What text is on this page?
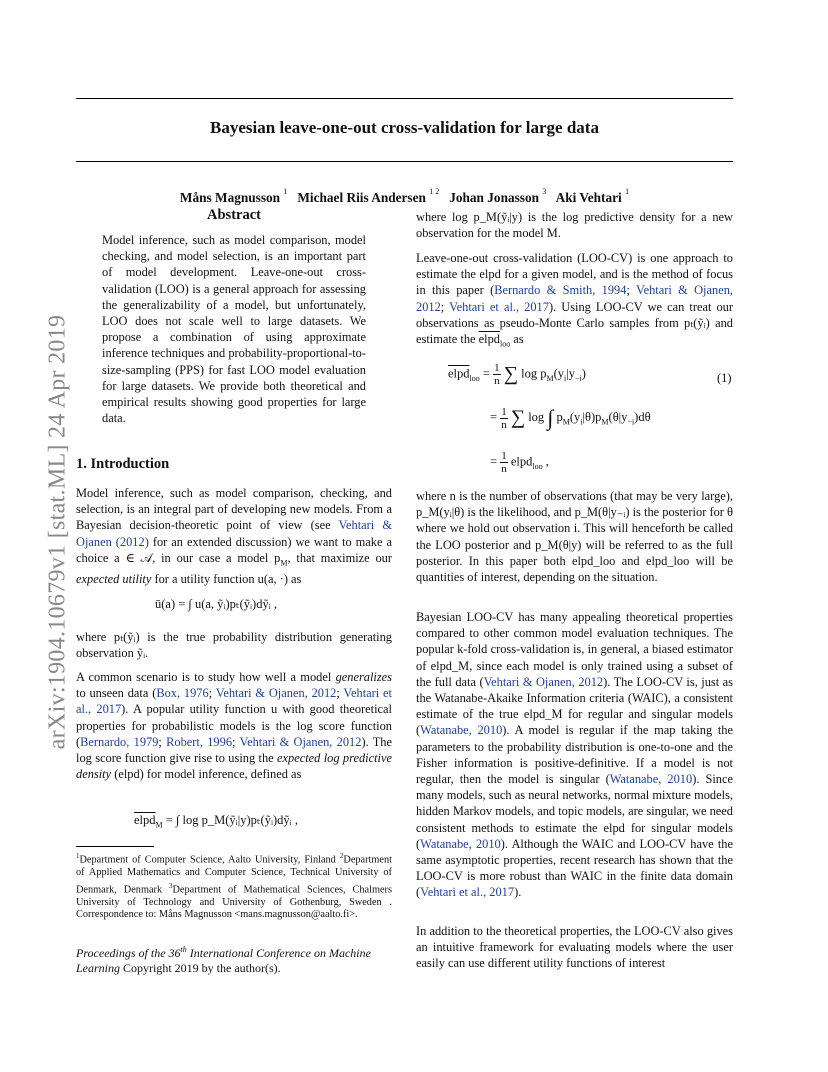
arXiv:1904.10679v1 [stat.ML] 24 Apr 2019
Bayesian leave-one-out cross-validation for large data
Måns Magnusson $^1$ Michael Riis Andersen $^{1 2}$ Johan Jonasson $^3$ Aki Vehtari $^1$
Abstract
Model inference, such as model comparison, model checking, and model selection, is an important part of model development. Leave-one-out cross-validation (LOO) is a general approach for assessing the generalizability of a model, but unfortunately, LOO does not scale well to large datasets. We propose a combination of using approximate inference techniques and probability-proportional-to-size-sampling (PPS) for fast LOO model evaluation for large datasets. We provide both theoretical and empirical results showing good properties for large data.
1. Introduction

Model inference, such as model comparison, checking, and selection, is an integral part of developing new models. From a Bayesian decision-theoretic point of view (see Vehtari & Ojanen (2012) for an extended discussion) we want to make a choice a ∈ 𝒜, in our case a model $p_M$, that maximize our expected utility for a utility function u(a, ·) as

ū(a) = ∫ u(a, ỹᵢ)pₜ(ỹᵢ)dỹᵢ ,
where pₜ(ỹᵢ) is the true probability distribution generating observation ỹᵢ.

A common scenario is to study how well a model generalizes to unseen data (Box, 1976; Vehtari & Ojanen, 2012; Vehtari et al., 2017). A popular utility function u with good theoretical properties for probabilistic models is the log score function (Bernardo, 1979; Robert, 1996; Vehtari & Ojanen, 2012). The log score function give rise to using the expected log predictive density (elpd) for model inference, defined as

elpd$_M$ = ∫ log p_M(ỹᵢ|y)pₜ(ỹᵢ)dỹᵢ ,
$^1$Department of Computer Science, Aalto University, Finland $^2$Department of Applied Mathematics and Computer Science, Technical University of Denmark, Denmark $^3$Department of Mathematical Sciences, Chalmers University of Technology and University of Gothenburg, Sweden . Correspondence to: Måns Magnusson <mans.magnusson@aalto.fi>.
Proceedings of the 36th International Conference on Machine Learning Copyright 2019 by the author(s).
where log p_M(ỹᵢ|y) is the log predictive density for a new observation for the model M.

Leave-one-out cross-validation (LOO-CV) is one approach to estimate the elpd for a given model, and is the method of focus in this paper (Bernardo & Smith, 1994; Vehtari & Ojanen, 2012; Vehtari et al., 2017). Using LOO-CV we can treat our observations as pseudo-Monte Carlo samples from pₜ(ỹᵢ) and estimate the elpd$_{loo}$ as

elpd$_{loo}$ = $\frac{1}{n}$ ∑ $\log p_M(y_i|y_{-i})$	(1)
= $\frac{1}{n}$ ∑ log ∫ $p_M(y_i|\theta)p_M(\theta|y_{-i})d\theta$
= $\frac{1}{n}$ elpd$_{loo}$ ,
where n is the number of observations (that may be very large), p_M(yᵢ|θ) is the likelihood, and p_M(θ|y₋ᵢ) is the posterior for θ where we hold out observation i. This will henceforth be called the LOO posterior and p_M(θ|y) will be referred to as the full posterior. In this paper both elpd_loo and elpd_loo will be quantities of interest, depending on the situation.

Bayesian LOO-CV has many appealing theoretical properties compared to other common model evaluation techniques. The popular k-fold cross-validation is, in general, a biased estimator of elpd_M, since each model is only trained using a subset of the full data (Vehtari & Ojanen, 2012). The LOO-CV is, just as the Watanabe-Akaike Information criteria (WAIC), a consistent estimate of the true elpd_M for regular and singular models (Watanabe, 2010). A model is regular if the map taking the parameters to the probability distribution is one-to-one and the Fisher information is positive-definitive. If a model is not regular, then the model is singular (Watanabe, 2010). Since many models, such as neural networks, normal mixture models, hidden Markov models, and topic models, are singular, we need consistent methods to estimate the elpd for singular models (Watanabe, 2010). Although the WAIC and LOO-CV have the same asymptotic properties, recent research has shown that the LOO-CV is more robust than WAIC in the finite data domain (Vehtari et al., 2017).

In addition to the theoretical properties, the LOO-CV also gives an intuitive framework for evaluating models where the user easily can use different utility functions of interest
